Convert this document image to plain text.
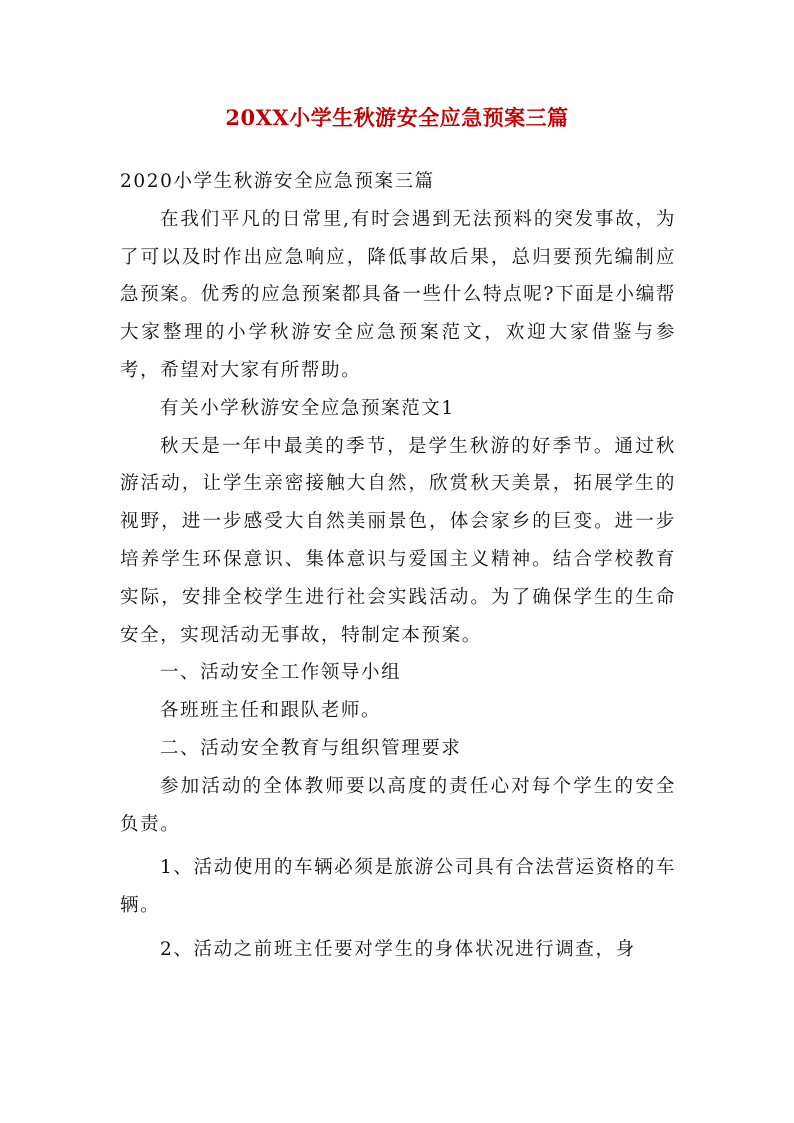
20XX小学生秋游安全应急预案三篇

2020小学生秋游安全应急预案三篇

在我们平凡的日常里,有时会遇到无法预料的突发事故，为了可以及时作出应急响应，降低事故后果，总归要预先编制应急预案。优秀的应急预案都具备一些什么特点呢?下面是小编帮大家整理的小学秋游安全应急预案范文，欢迎大家借鉴与参考，希望对大家有所帮助。

有关小学秋游安全应急预案范文1

秋天是一年中最美的季节，是学生秋游的好季节。通过秋游活动，让学生亲密接触大自然，欣赏秋天美景，拓展学生的视野，进一步感受大自然美丽景色，体会家乡的巨变。进一步培养学生环保意识、集体意识与爱国主义精神。结合学校教育实际，安排全校学生进行社会实践活动。为了确保学生的生命安全，实现活动无事故，特制定本预案。

一、活动安全工作领导小组

各班班主任和跟队老师。

二、活动安全教育与组织管理要求

参加活动的全体教师要以高度的责任心对每个学生的安全负责。

1、活动使用的车辆必须是旅游公司具有合法营运资格的车辆。

2、活动之前班主任要对学生的身体状况进行调查，身
